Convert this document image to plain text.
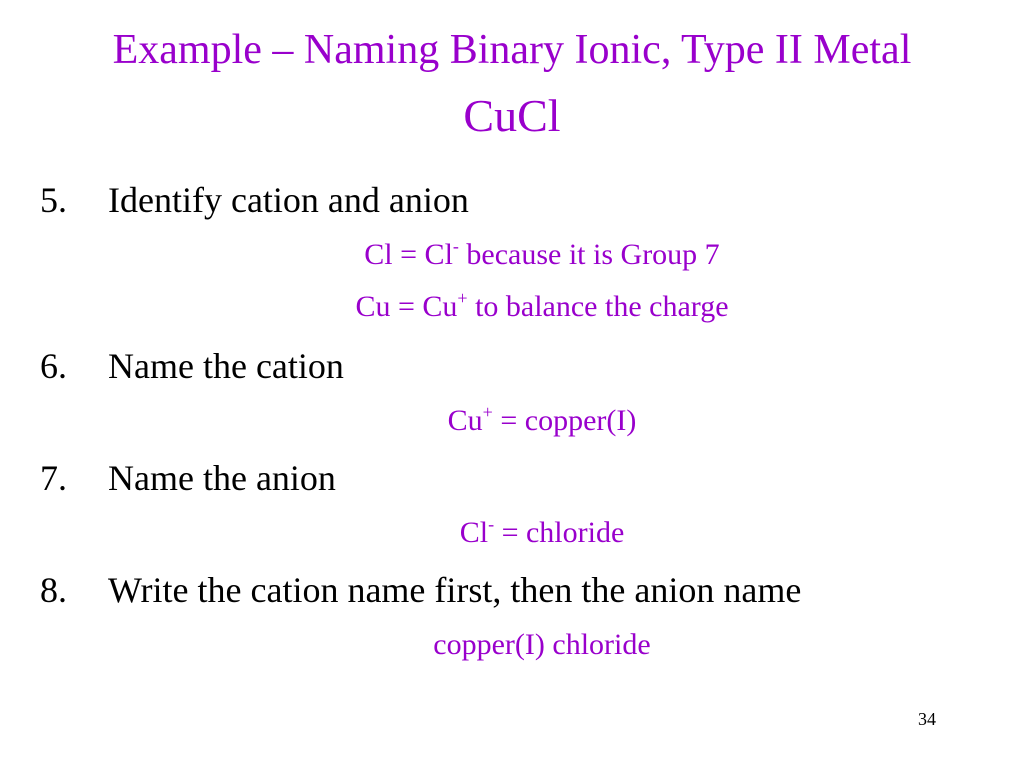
Example – Naming Binary Ionic, Type II Metal
CuCl
5. Identify cation and anion
Cl = Cl- because it is Group 7
Cu = Cu+ to balance the charge
6. Name the cation
Cu+ = copper(I)
7. Name the anion
Cl- = chloride
8. Write the cation name first, then the anion name
copper(I) chloride
34
